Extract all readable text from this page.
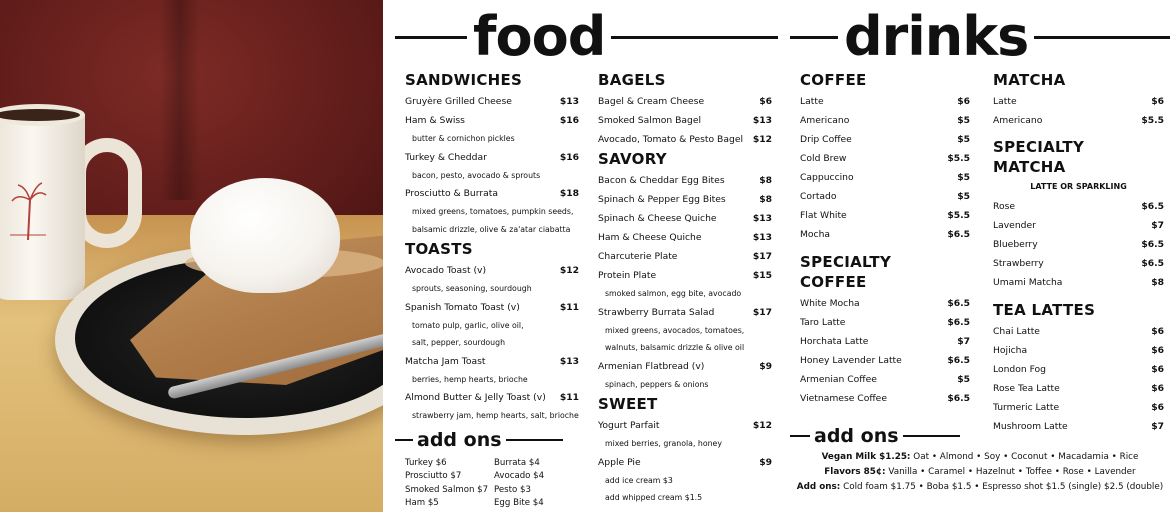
food	drinks
SANDWICHES
Gruyère Grilled Cheese	$13
Ham & Swiss	$16
butter & cornichon pickles
Turkey & Cheddar	$16
bacon, pesto, avocado & sprouts
Prosciutto & Burrata	$18
mixed greens, tomatoes, pumpkin seeds,
balsamic drizzle, olive & za'atar ciabatta
TOASTS
Avocado Toast (v)	$12
sprouts, seasoning, sourdough
Spanish Tomato Toast (v)	$11
tomato pulp, garlic, olive oil,
salt, pepper, sourdough
Matcha Jam Toast	$13
berries, hemp hearts, brioche
Almond Butter & Jelly Toast (v) $11
strawberry jam, hemp hearts, salt, brioche
add ons
Turkey $6
Prosciutto $7
Smoked Salmon $7
Ham $5
Burrata $4
Avocado $4
Pesto $3
Egg Bite $4
BAGELS
Bagel & Cream Cheese	$6
Smoked Salmon Bagel	$13
Avocado, Tomato & Pesto Bagel $12
SAVORY
Bacon & Cheddar Egg Bites	$8
Spinach & Pepper Egg Bites	$8
Spinach & Cheese Quiche	$13
Ham & Cheese Quiche	$13
Charcuterie Plate	$17
Protein Plate	$15
smoked salmon, egg bite, avocado
Strawberry Burrata Salad	$17
mixed greens, avocados, tomatoes,
walnuts, balsamic drizzle & olive oil
Armenian Flatbread (v)	$9
spinach, peppers & onions
SWEET
Yogurt Parfait	$12
mixed berries, granola, honey
Apple Pie	$9
add ice cream $3
add whipped cream $1.5
COFFEE
Latte	$6
Americano	$5
Drip Coffee	$5
Cold Brew	$5.5
Cappuccino	$5
Cortado	$5
Flat White	$5.5
Mocha	$6.5
SPECIALTY
COFFEE
White Mocha	$6.5
Taro Latte	$6.5
Horchata Latte	$7
Honey Lavender Latte	$6.5
Armenian Coffee	$5
Vietnamese Coffee	$6.5
add ons
MATCHA
Latte	$6
Americano	$5.5
SPECIALTY
MATCHA
LATTE OR SPARKLING
Rose	$6.5
Lavender	$7
Blueberry	$6.5
Strawberry	$6.5
Umami Matcha	$8
TEA LATTES
Chai Latte	$6
Hojicha	$6
London Fog	$6
Rose Tea Latte	$6
Turmeric Latte	$6
Mushroom Latte	$7
Vegan Milk $1.25: Oat • Almond • Soy • Coconut • Macadamia • Rice
Flavors 85¢: Vanilla • Caramel • Hazelnut • Toffee • Rose • Lavender
Add ons: Cold foam $1.75 • Boba $1.5 • Espresso shot $1.5 (single) $2.5 (double)
